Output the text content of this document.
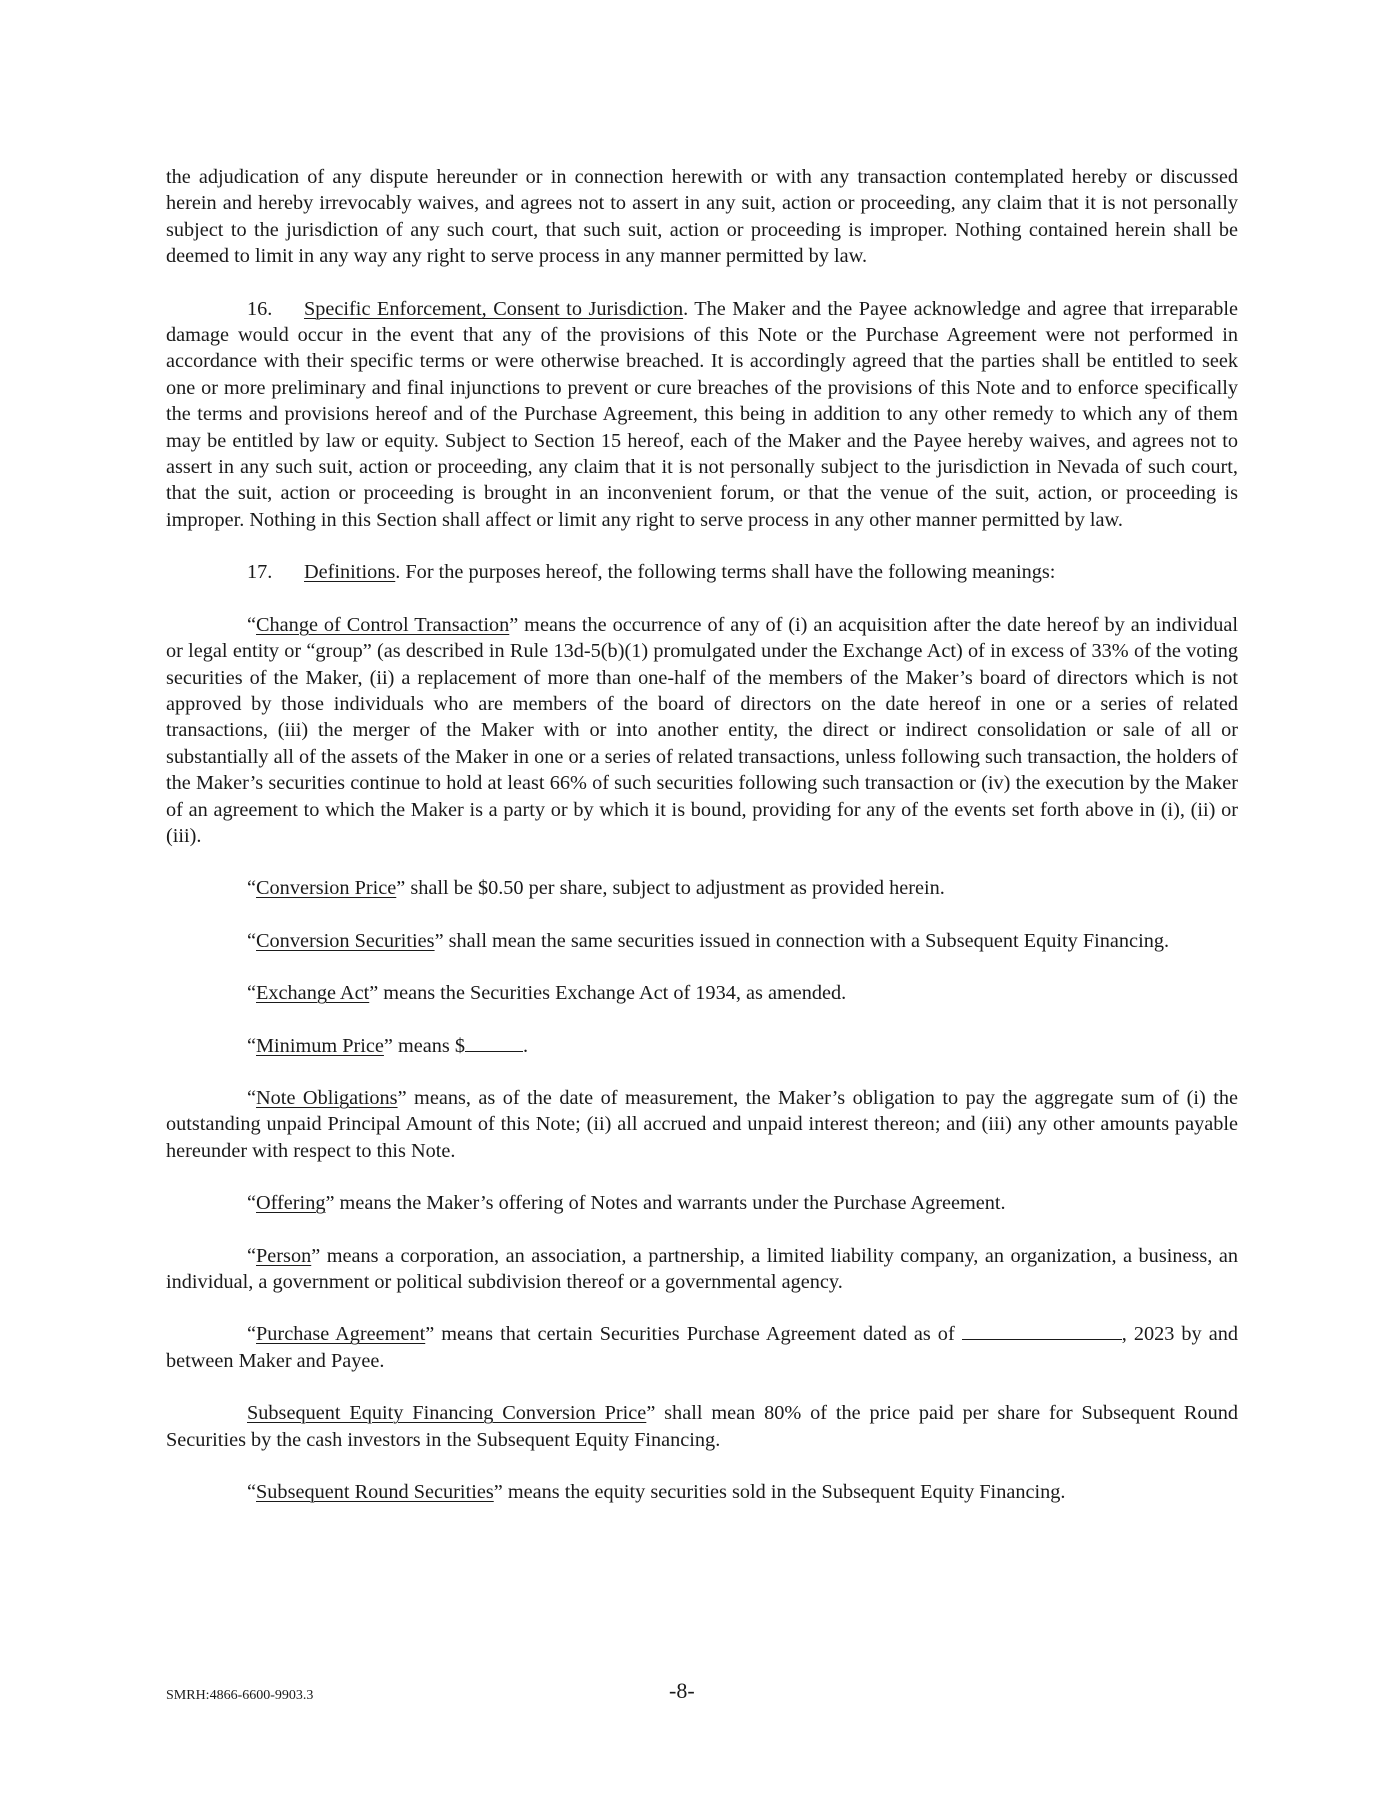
the adjudication of any dispute hereunder or in connection herewith or with any transaction contemplated hereby or discussed herein and hereby irrevocably waives, and agrees not to assert in any suit, action or proceeding, any claim that it is not personally subject to the jurisdiction of any such court, that such suit, action or proceeding is improper. Nothing contained herein shall be deemed to limit in any way any right to serve process in any manner permitted by law.

16. Specific Enforcement, Consent to Jurisdiction. The Maker and the Payee acknowledge and agree that irreparable damage would occur in the event that any of the provisions of this Note or the Purchase Agreement were not performed in accordance with their specific terms or were otherwise breached. It is accordingly agreed that the parties shall be entitled to seek one or more preliminary and final injunctions to prevent or cure breaches of the provisions of this Note and to enforce specifically the terms and provisions hereof and of the Purchase Agreement, this being in addition to any other remedy to which any of them may be entitled by law or equity. Subject to Section 15 hereof, each of the Maker and the Payee hereby waives, and agrees not to assert in any such suit, action or proceeding, any claim that it is not personally subject to the jurisdiction in Nevada of such court, that the suit, action or proceeding is brought in an inconvenient forum, or that the venue of the suit, action, or proceeding is improper. Nothing in this Section shall affect or limit any right to serve process in any other manner permitted by law.

17. Definitions. For the purposes hereof, the following terms shall have the following meanings:

“Change of Control Transaction” means the occurrence of any of (i) an acquisition after the date hereof by an individual or legal entity or “group” (as described in Rule 13d-5(b)(1) promulgated under the Exchange Act) of in excess of 33% of the voting securities of the Maker, (ii) a replacement of more than one-half of the members of the Maker’s board of directors which is not approved by those individuals who are members of the board of directors on the date hereof in one or a series of related transactions, (iii) the merger of the Maker with or into another entity, the direct or indirect consolidation or sale of all or substantially all of the assets of the Maker in one or a series of related transactions, unless following such transaction, the holders of the Maker’s securities continue to hold at least 66% of such securities following such transaction or (iv) the execution by the Maker of an agreement to which the Maker is a party or by which it is bound, providing for any of the events set forth above in (i), (ii) or (iii).

“Conversion Price” shall be $0.50 per share, subject to adjustment as provided herein.

“Conversion Securities” shall mean the same securities issued in connection with a Subsequent Equity Financing.

“Exchange Act” means the Securities Exchange Act of 1934, as amended.

“Minimum Price” means $	.

“Note Obligations” means, as of the date of measurement, the Maker’s obligation to pay the aggregate sum of (i) the outstanding unpaid Principal Amount of this Note; (ii) all accrued and unpaid interest thereon; and (iii) any other amounts payable hereunder with respect to this Note.

“Offering” means the Maker’s offering of Notes and warrants under the Purchase Agreement.

“Person” means a corporation, an association, a partnership, a limited liability company, an organization, a business, an individual, a government or political subdivision thereof or a governmental agency.

“Purchase Agreement” means that certain Securities Purchase Agreement dated as of	, 2023 by and between Maker and Payee.

Subsequent Equity Financing Conversion Price” shall mean 80% of the price paid per share for Subsequent Round Securities by the cash investors in the Subsequent Equity Financing.

“Subsequent Round Securities” means the equity securities sold in the Subsequent Equity Financing.

SMRH:4866-6600-9903.3	-8-
